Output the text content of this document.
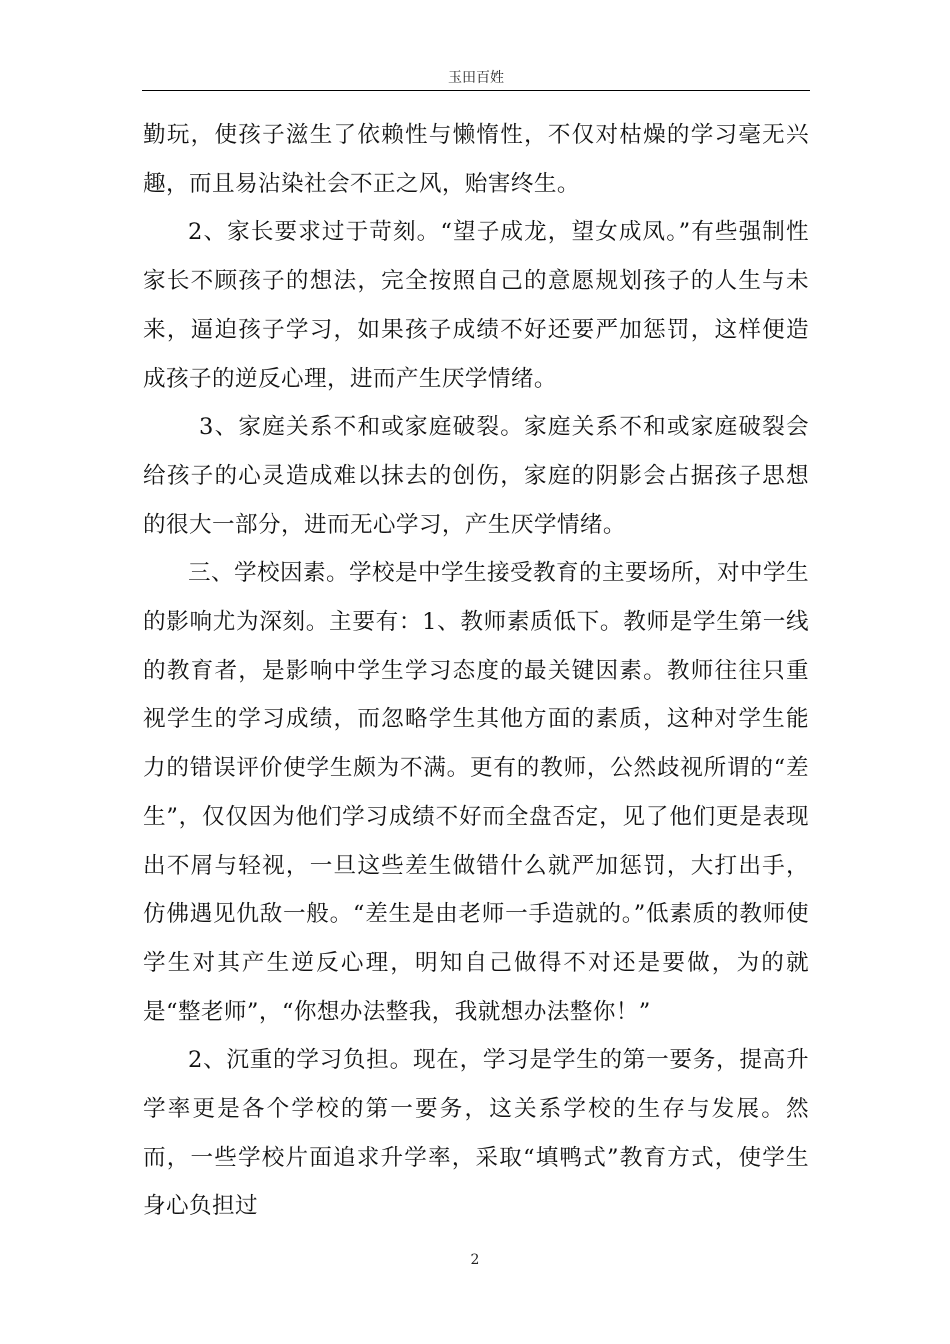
玉田百姓

勤玩，使孩子滋生了依赖性与懒惰性，不仅对枯燥的学习毫无兴趣，而且易沾染社会不正之风，贻害终生。

2、家长要求过于苛刻。“望子成龙，望女成凤。”有些强制性家长不顾孩子的想法，完全按照自己的意愿规划孩子的人生与未来，逼迫孩子学习，如果孩子成绩不好还要严加惩罚，这样便造成孩子的逆反心理，进而产生厌学情绪。

3、家庭关系不和或家庭破裂。家庭关系不和或家庭破裂会给孩子的心灵造成难以抹去的创伤，家庭的阴影会占据孩子思想的很大一部分，进而无心学习，产生厌学情绪。

三、学校因素。学校是中学生接受教育的主要场所，对中学生的影响尤为深刻。主要有：1、教师素质低下。教师是学生第一线的教育者，是影响中学生学习态度的最关键因素。教师往往只重视学生的学习成绩，而忽略学生其他方面的素质，这种对学生能力的错误评价使学生颇为不满。更有的教师，公然歧视所谓的“差生”，仅仅因为他们学习成绩不好而全盘否定，见了他们更是表现出不屑与轻视，一旦这些差生做错什么就严加惩罚，大打出手，仿佛遇见仇敌一般。“差生是由老师一手造就的。”低素质的教师使学生对其产生逆反心理，明知自己做得不对还是要做，为的就是“整老师”，“你想办法整我，我就想办法整你！”

2、沉重的学习负担。现在，学习是学生的第一要务，提高升学率更是各个学校的第一要务，这关系学校的生存与发展。然而，一些学校片面追求升学率，采取“填鸭式”教育方式，使学生身心负担过

2
